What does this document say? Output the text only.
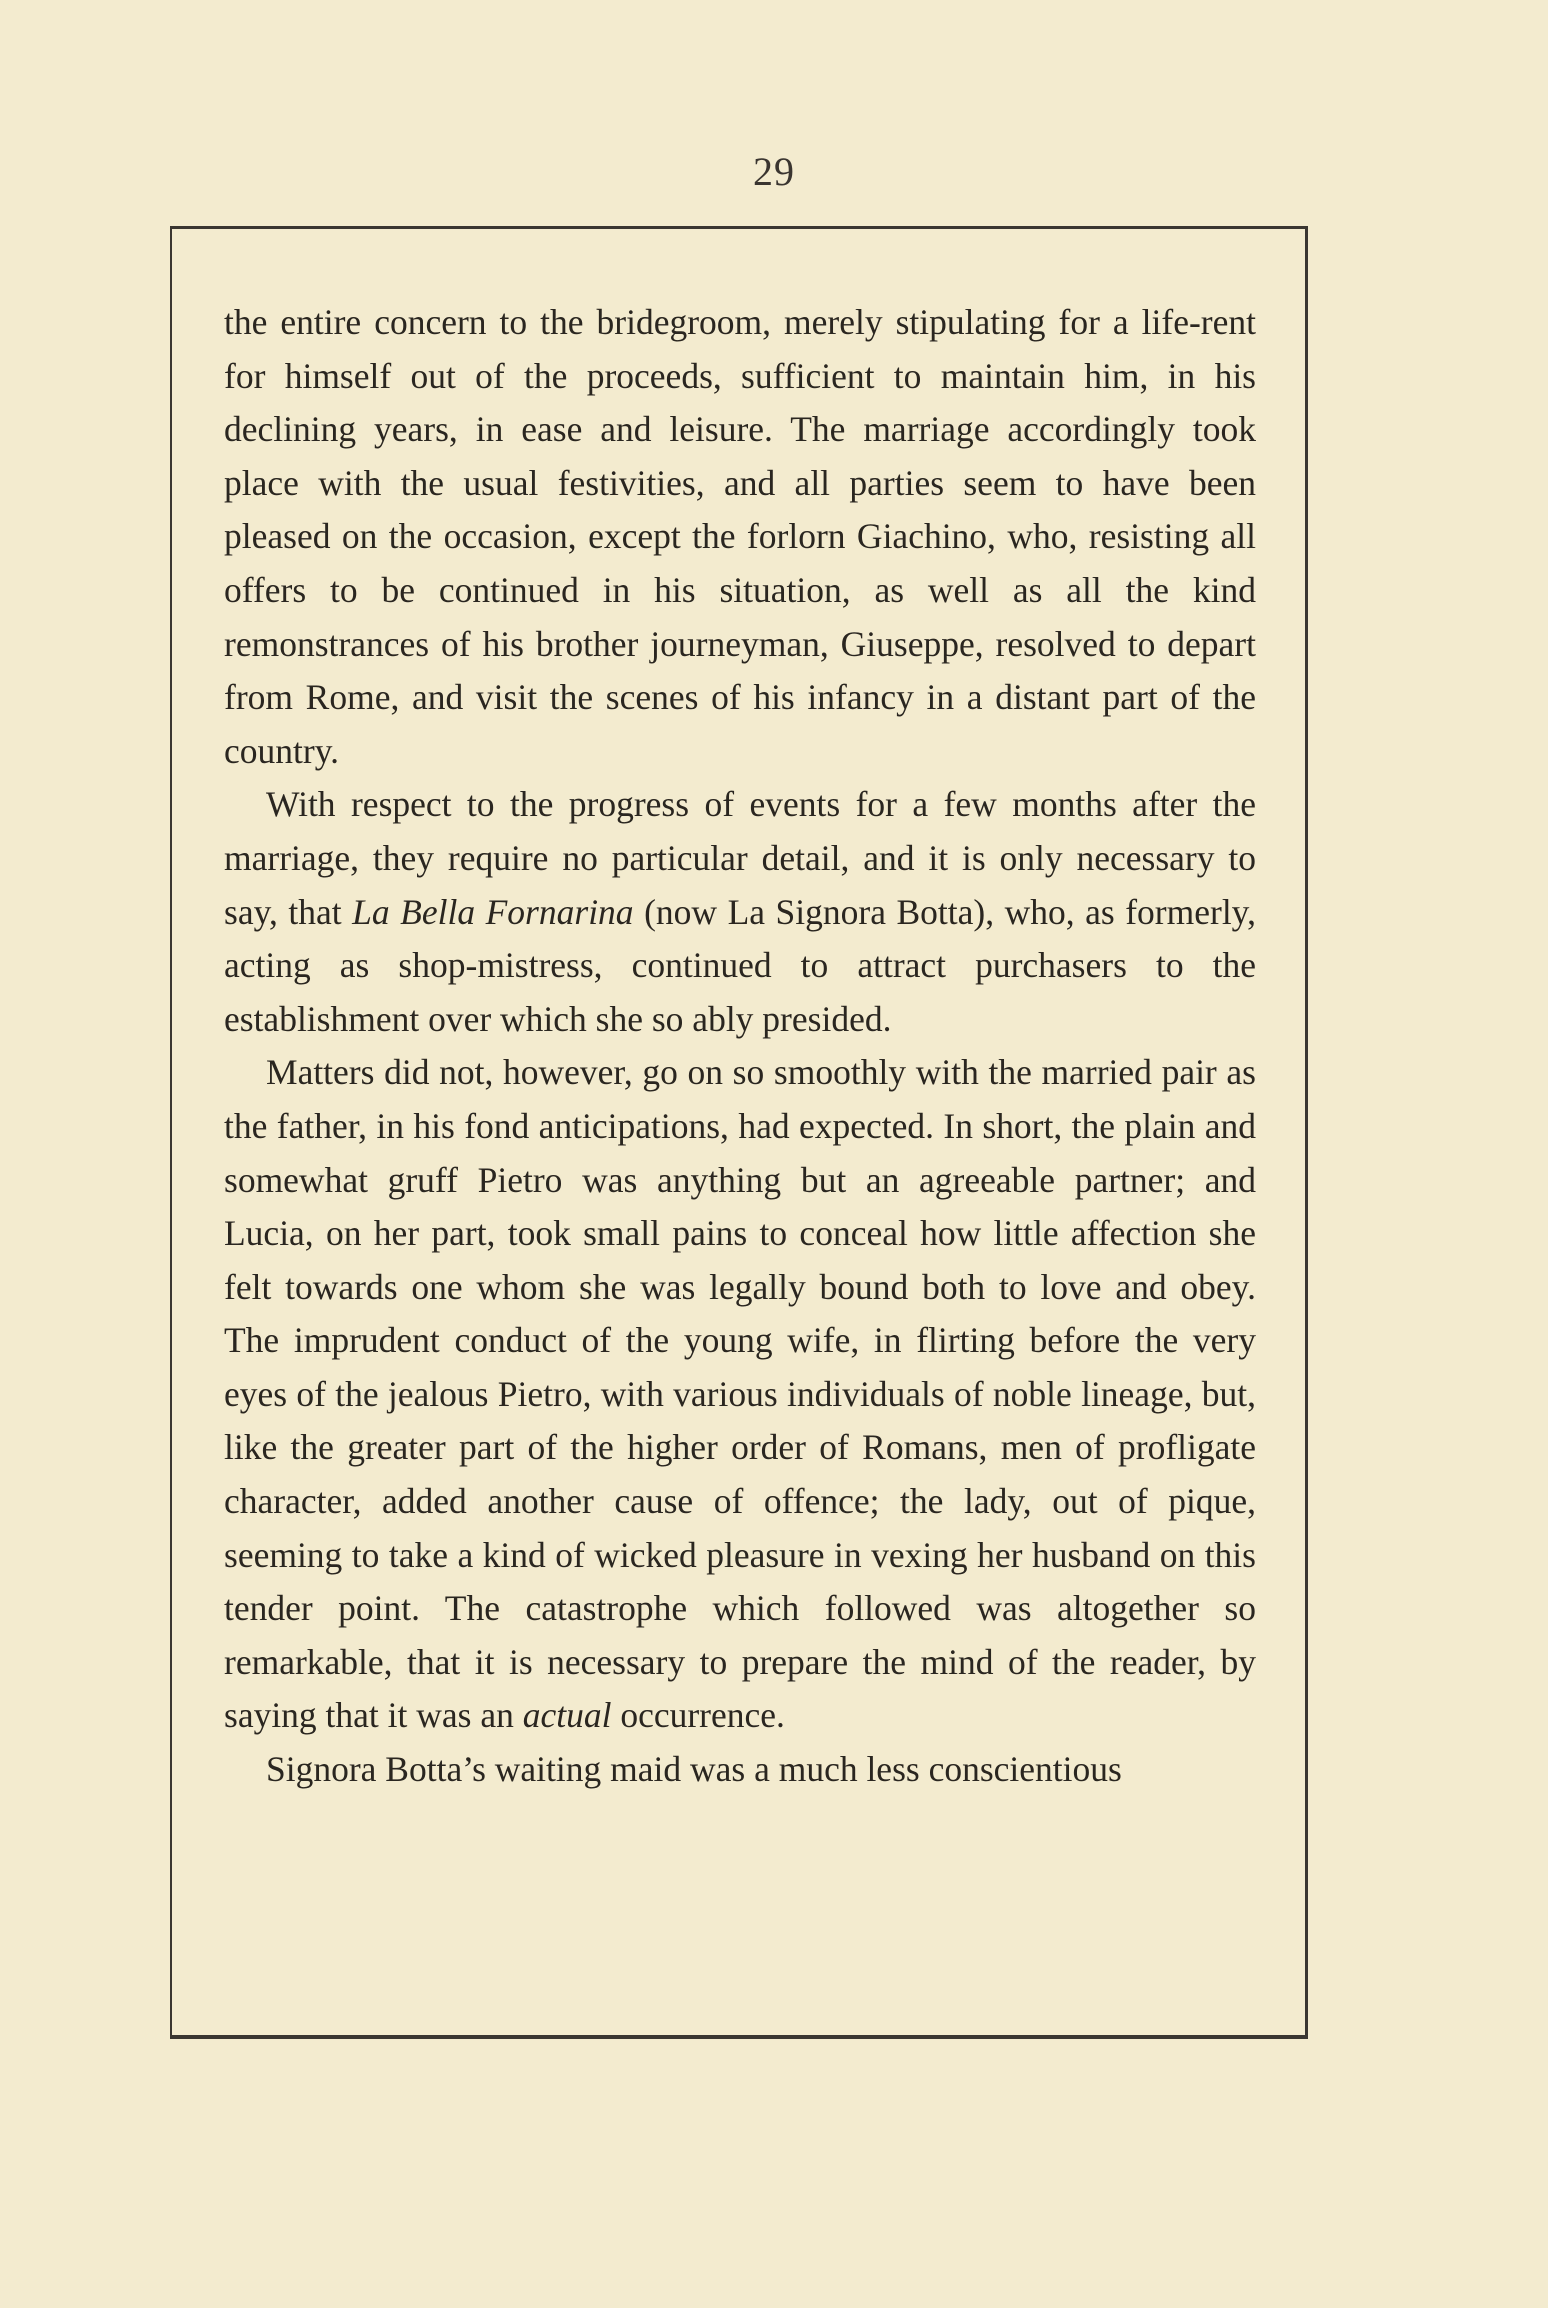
29

the entire concern to the bridegroom, merely stipulating for a life-rent for himself out of the proceeds, sufficient to maintain him, in his declining years, in ease and leisure. The marriage accordingly took place with the usual festivities, and all parties seem to have been pleased on the occasion, except the forlorn Giachino, who, resisting all offers to be continued in his situation, as well as all the kind remonstrances of his brother journeyman, Giuseppe, resolved to depart from Rome, and visit the scenes of his infancy in a distant part of the country.

With respect to the progress of events for a few months after the marriage, they require no particular detail, and it is only necessary to say, that La Bella Fornarina (now La Signora Botta), who, as formerly, acting as shop-mistress, continued to attract purchasers to the establishment over which she so ably presided.

Matters did not, however, go on so smoothly with the married pair as the father, in his fond anticipations, had expected. In short, the plain and somewhat gruff Pietro was anything but an agreeable partner; and Lucia, on her part, took small pains to conceal how little affection she felt towards one whom she was legally bound both to love and obey. The imprudent conduct of the young wife, in flirting before the very eyes of the jealous Pietro, with various individuals of noble lineage, but, like the greater part of the higher order of Romans, men of profligate character, added another cause of offence; the lady, out of pique, seeming to take a kind of wicked pleasure in vexing her husband on this tender point. The catastrophe which followed was altogether so remarkable, that it is necessary to prepare the mind of the reader, by saying that it was an actual occurrence.

Signora Botta’s waiting maid was a much less conscientious
